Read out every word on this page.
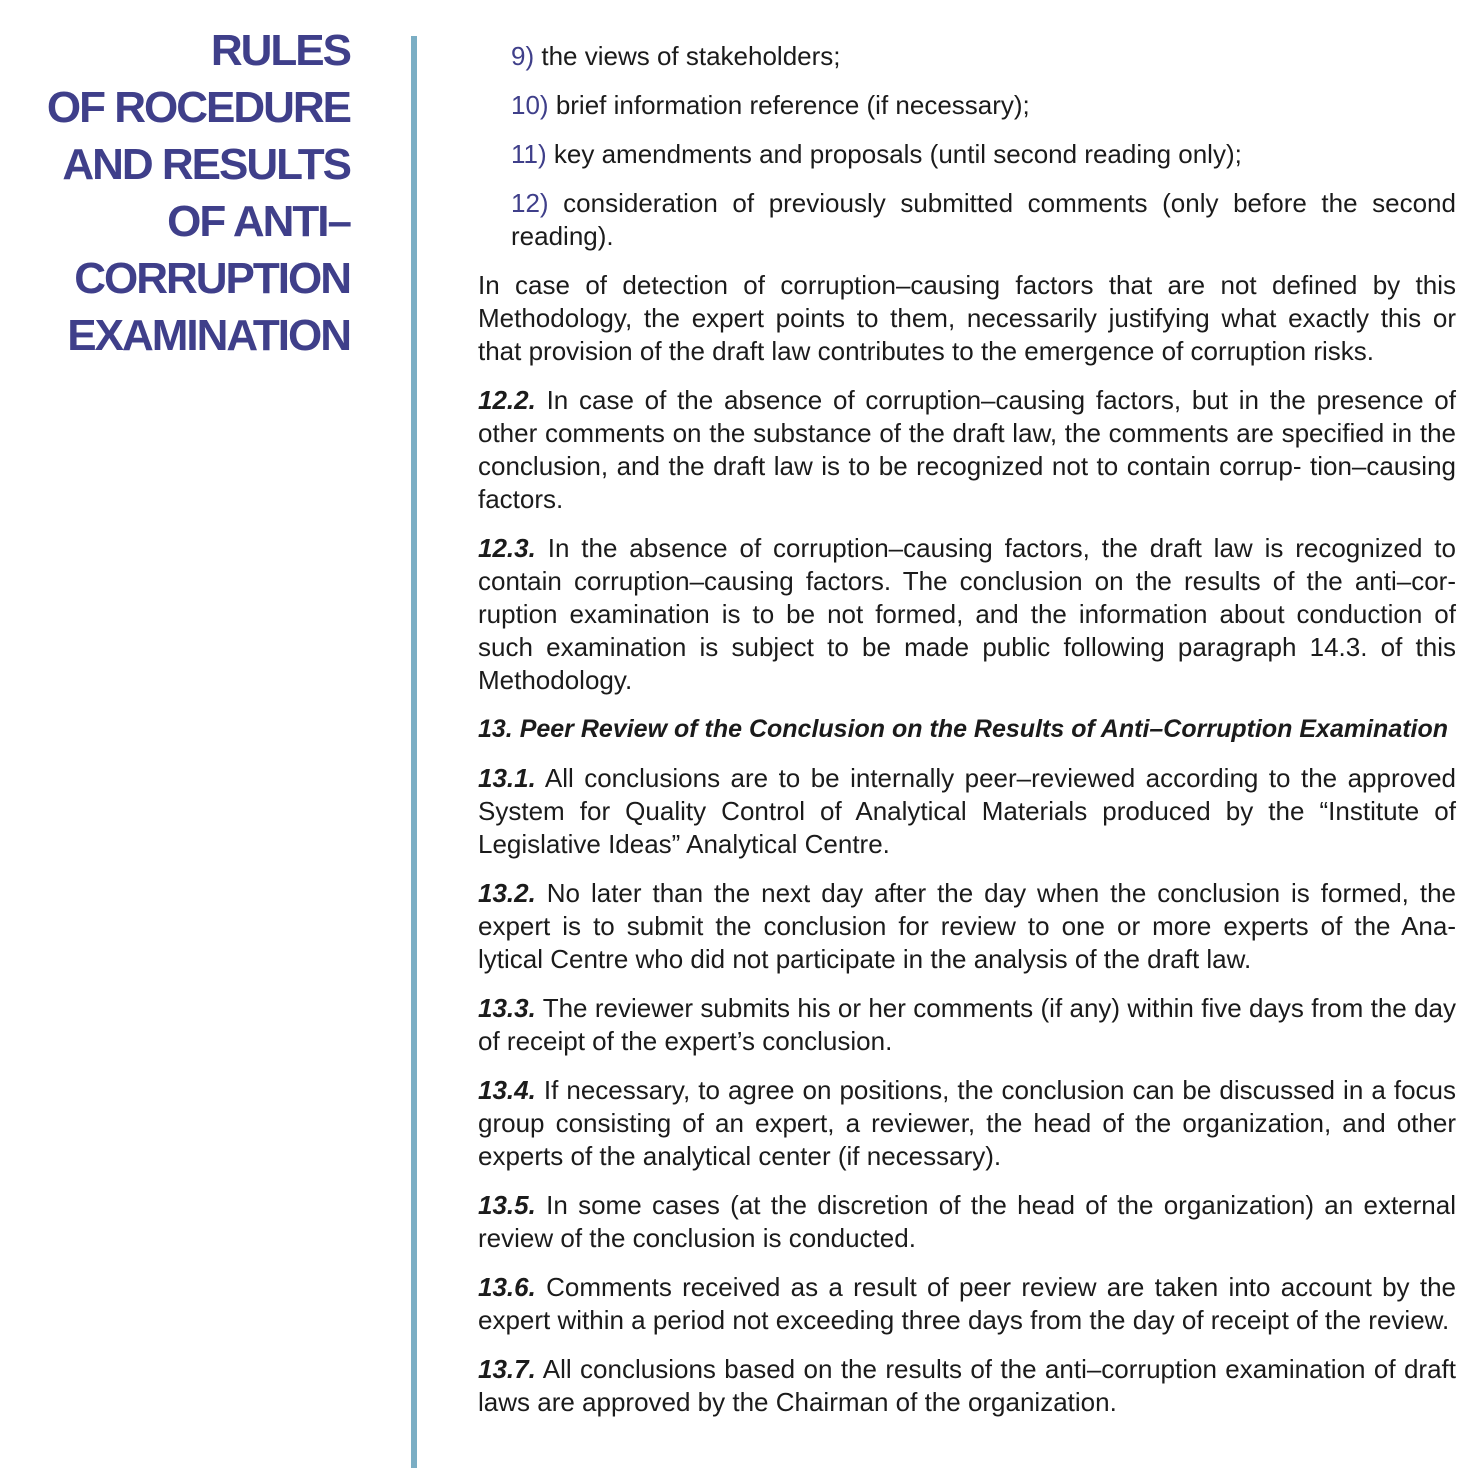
RULES
OF ROCEDURE
AND RESULTS
OF ANTI–
CORRUPTION
EXAMINATION

9) the views of stakeholders;

10) brief information reference (if necessary);

11) key amendments and proposals (until second reading only);

12) consideration of previously submitted comments (only before the second reading).

In case of detection of corruption–causing factors that are not defined by this Methodology, the expert points to them, necessarily justifying what exactly this or that provision of the draft law contributes to the emergence of corruption risks.

12.2. In case of the absence of corruption–causing factors, but in the presence of other comments on the substance of the draft law, the comments are specified in the conclusion, and the draft law is to be recognized not to contain corrup- tion–causing factors.

12.3. In the absence of corruption–causing factors, the draft law is recognized to contain corruption–causing factors. The conclusion on the results of the anti–cor- ruption examination is to be not formed, and the information about conduction of such examination is subject to be made public following paragraph 14.3. of this Methodology.

13. Peer Review of the Conclusion on the Results of Anti–Corruption Examination

13.1. All conclusions are to be internally peer–reviewed according to the approved System for Quality Control of Analytical Materials produced by the “Institute of Legislative Ideas” Analytical Centre.

13.2. No later than the next day after the day when the conclusion is formed, the expert is to submit the conclusion for review to one or more experts of the Ana- lytical Centre who did not participate in the analysis of the draft law.

13.3. The reviewer submits his or her comments (if any) within five days from the day of receipt of the expert’s conclusion.

13.4. If necessary, to agree on positions, the conclusion can be discussed in a focus group consisting of an expert, a reviewer, the head of the organization, and other experts of the analytical center (if necessary).

13.5. In some cases (at the discretion of the head of the organization) an external review of the conclusion is conducted.

13.6. Comments received as a result of peer review are taken into account by the expert within a period not exceeding three days from the day of receipt of the review.

13.7. All conclusions based on the results of the anti–corruption examination of draft laws are approved by the Chairman of the organization.
